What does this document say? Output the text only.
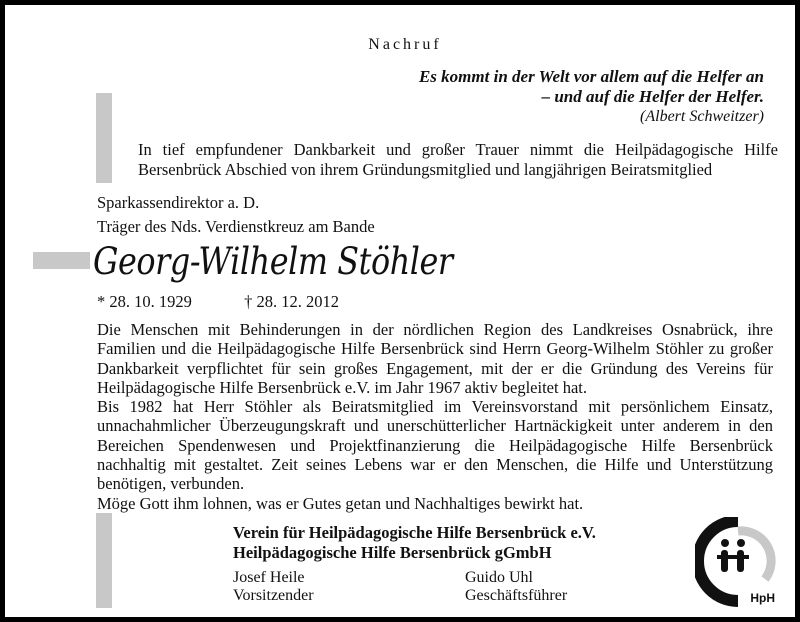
Nachruf
Es kommt in der Welt vor allem auf die Helfer an
– und auf die Helfer der Helfer.
(Albert Schweitzer)
In tief empfundener Dankbarkeit und großer Trauer nimmt die Heilpädagogische Hilfe Bersenbrück Abschied von ihrem Gründungsmitglied und langjährigen Beiratsmitglied
Sparkassendirektor a. D.
Träger des Nds. Verdienstkreuz am Bande
Georg-Wilhelm Stöhler
* 28. 10. 1929	† 28. 12. 2012

Die Menschen mit Behinderungen in der nördlichen Region des Landkreises Osnabrück, ihre Familien und die Heilpädagogische Hilfe Bersenbrück sind Herrn Georg-Wilhelm Stöhler zu großer Dankbarkeit verpflichtet für sein großes Engagement, mit der er die Gründung des Vereins für Heilpädagogische Hilfe Bersenbrück e.V. im Jahr 1967 aktiv begleitet hat.

Bis 1982 hat Herr Stöhler als Beiratsmitglied im Vereinsvorstand mit persönlichem Einsatz, unnachahmlicher Überzeugungskraft und unerschütterlicher Hartnäckigkeit unter anderem in den Bereichen Spendenwesen und Projektfinanzierung die Heilpädagogische Hilfe Bersenbrück nachhaltig mit gestaltet. Zeit seines Lebens war er den Menschen, die Hilfe und Unterstützung benötigen, verbunden.

Möge Gott ihm lohnen, was er Gutes getan und Nachhaltiges bewirkt hat.

Verein für Heilpädagogische Hilfe Bersenbrück e.V.
Heilpädagogische Hilfe Bersenbrück gGmbH
Josef Heile
Vorsitzender
Guido Uhl
Geschäftsführer	HpH
